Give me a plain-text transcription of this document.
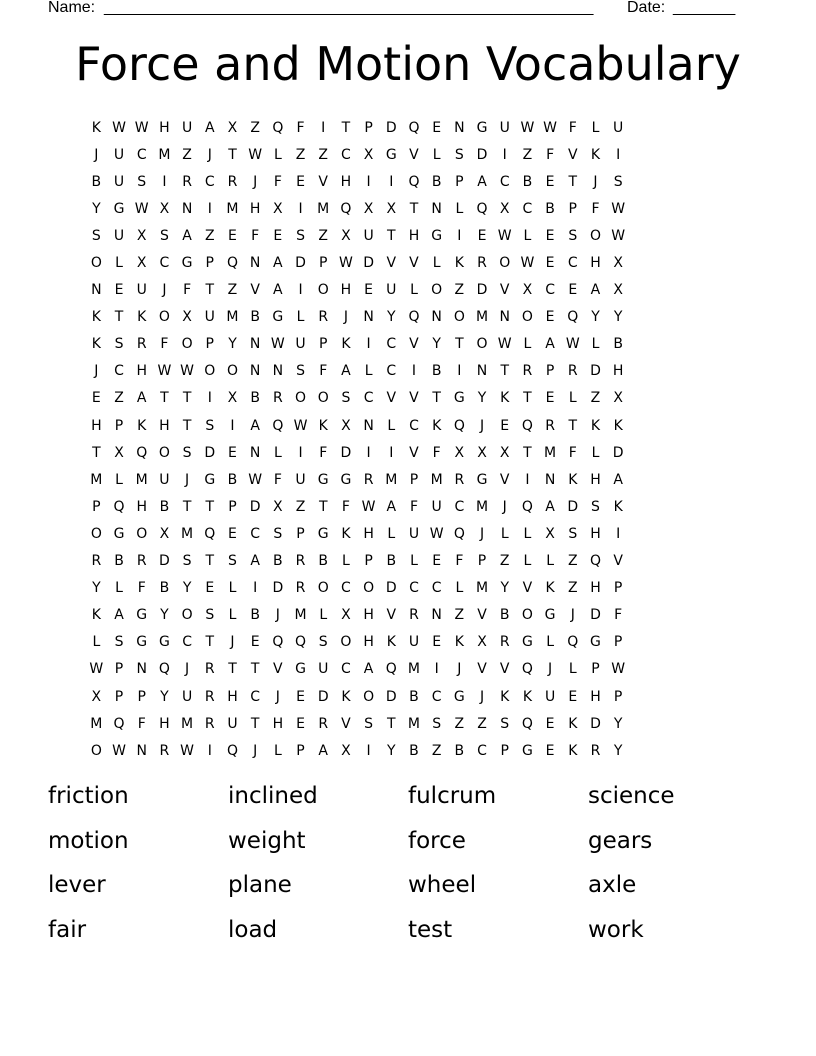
Name: _______________________________________________________ Date: _______
Force and Motion Vocabulary
K W W H U A X Z Q F	I	T	P D Q E N G U W W F	L U
J	U C M Z	J	T W L Z Z C X G V	L	S D	I	Z F V K	I
B U S	I	R C R	J	F	E V H	I	I	Q B P A C B E T	J	S
Y G W X N	I	M H X	I	M Q X X T N L Q X C B P	F W
S U X S A Z E	F	E S Z X U T H G	I	E W L	E S O W
O L X C G P Q N A D P W D V V	L	K R O W E C H X
N E U	J	F	T Z V A	I	O H E U L O Z D V X C E A X
K T K O X U M B G L R	J	N Y Q N O M N O E Q Y	Y
K S R F O P	Y N W U P K	I	C V Y	T O W L A W L B
J	C H W W O O N N S	F A	L C	I	B	I	N T R P R D H
E Z A T	T	I	X B R O O S C V V T G Y K T E	L Z X
H P K H T S	I	A Q W K X N L C K Q	J	E Q R T K K
T X Q O S D E N L	I	F D	I	I	V F X X X T M F	L D
M L M U	J	G B W F U G G R M P M R G V	I	N K H A
P Q H B T	T	P D X Z T	F W A F U C M	J	Q A D S K
O G O X M Q E C S	P G K H L U W Q	J	L	L X S H	I
R B R D S T S A B R B L	P B L	E	F	P Z L	L Z Q V
Y	L	F B Y E	L	I	D R O C O D C C L M Y V K Z H P
K A G Y O S	L B	J	M L X H V R N Z V B O G	J	D F
L	S G G C T	J	E Q Q S O H K U E K X R G L Q G P
W P N Q	J	R T	T V G U C A Q M	I	J	V V Q	J	L	P W
X P	P	Y U R H C	J	E D K O D B C G	J	K K U E H P
M Q F H M R U T H E R V S T M S Z Z S Q E K D Y
O W N R W I	Q	J	L	P A X	I	Y B Z B C P G E K R Y
friction	inclined	fulcrum	science
motion	weight	force	gears
lever	plane	wheel	axle
fair	load	test	work
